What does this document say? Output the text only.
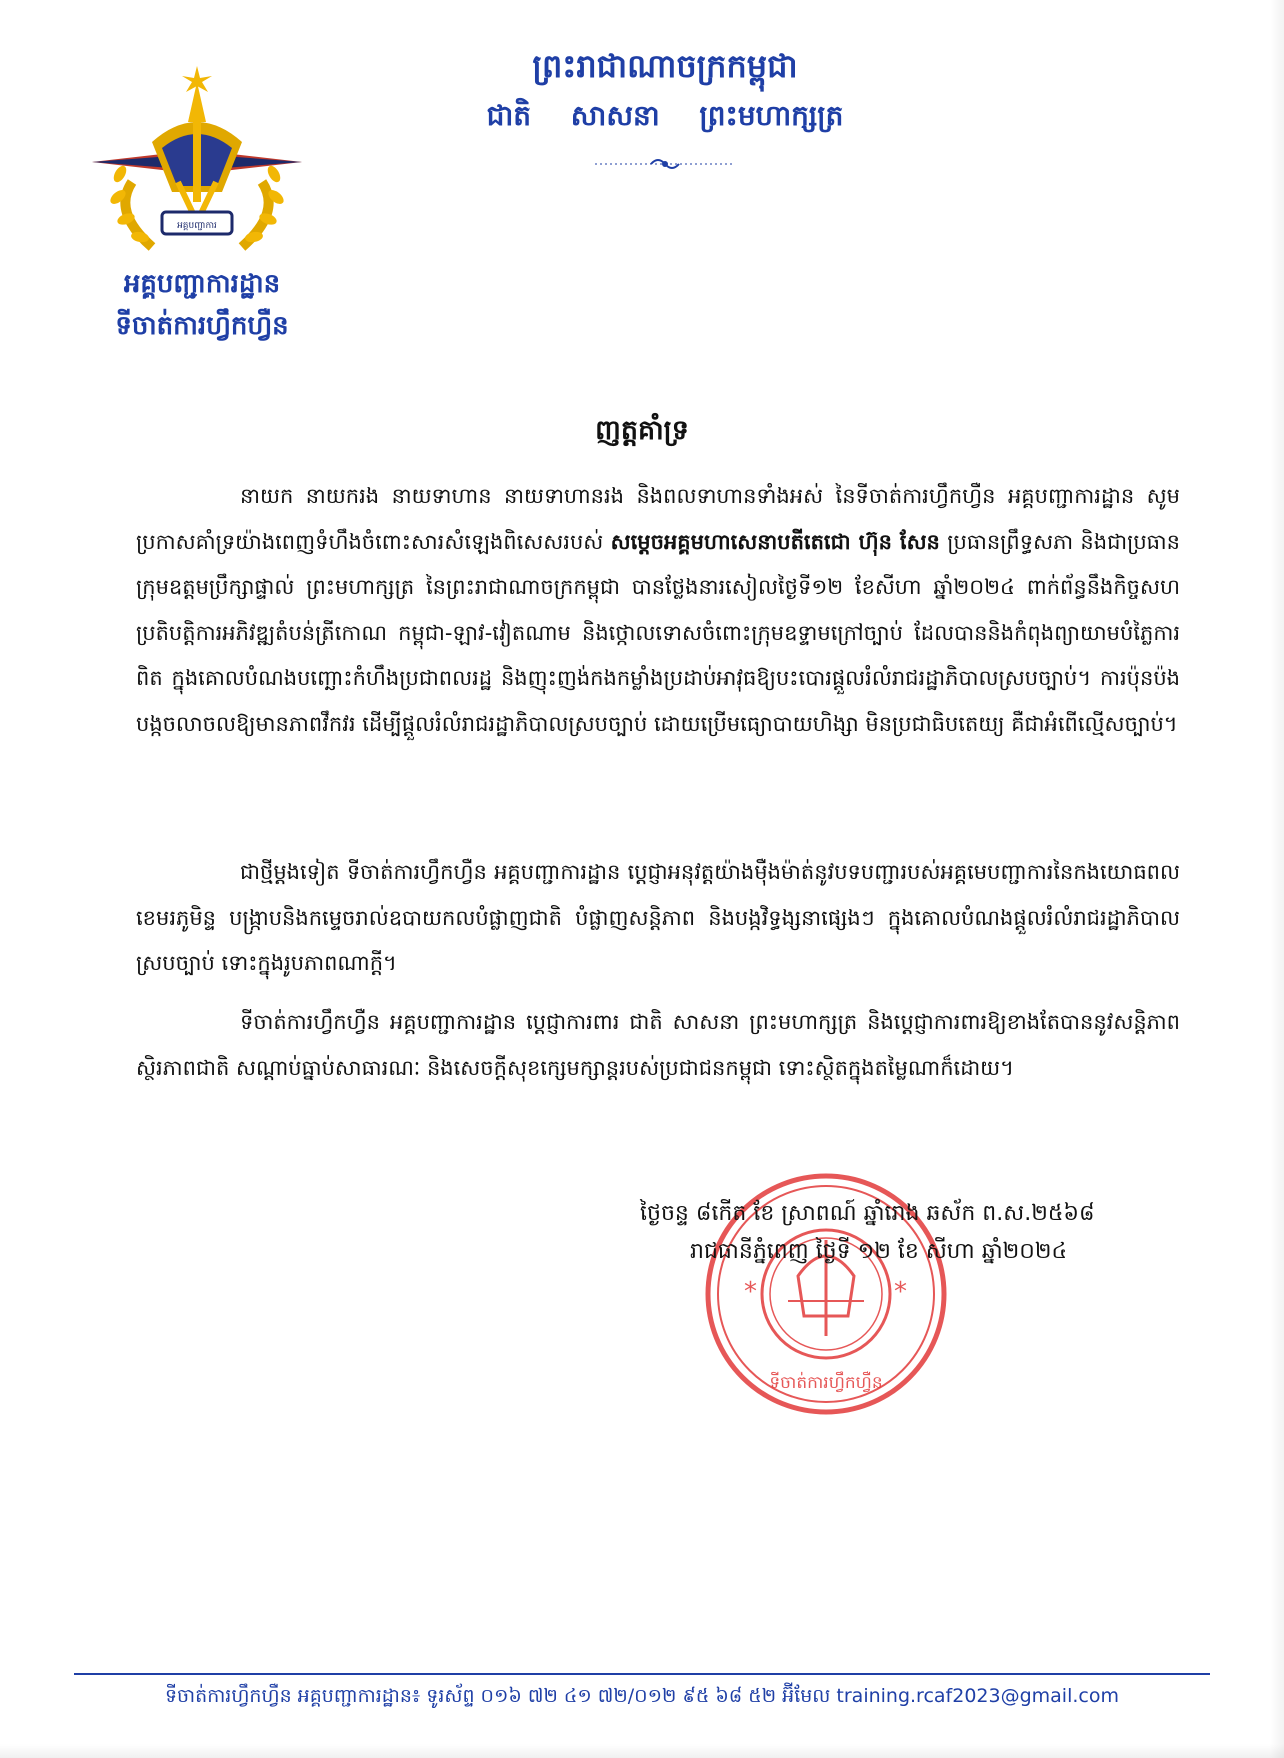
អគ្គបញ្ជាការ
អគ្គបញ្ជាការដ្ឋាន
ទីចាត់ការហ្វឹកហ្វឺន
ព្រះរាជាណាចក្រកម្ពុជា
ជាតិ សាសនា ព្រះមហាក្សត្រ
ញត្តគាំទ្រ
នាយក នាយករង នាយទាហាន នាយទាហានរង និងពលទាហានទាំងអស់ នៃទីចាត់ការហ្វឹកហ្វឺន អគ្គបញ្ជាការដ្ឋាន សូមប្រកាសគាំទ្រយ៉ាងពេញទំហឹងចំពោះសារសំឡេងពិសេសរបស់ សម្តេចអគ្គមហាសេនាបតីតេជោ ហ៊ុន សែន ប្រធានព្រឹទ្ធសភា និងជាប្រធានក្រុមឧត្តមប្រឹក្សាផ្ទាល់ ព្រះមហាក្សត្រ នៃព្រះរាជាណាចក្រកម្ពុជា បានថ្លែងនារសៀលថ្ងៃទី១២ ខែសីហា ឆ្នាំ២០២៤ ពាក់ព័ន្ធនឹងកិច្ចសហប្រតិបត្តិការអភិវឌ្ឍតំបន់ត្រីកោណ កម្ពុជា-ឡាវ-វៀតណាម និងថ្កោលទោសចំពោះក្រុមឧទ្ទាមក្រៅច្បាប់ ដែលបាននិងកំពុងព្យាយាមបំភ្លៃការពិត ក្នុងគោលបំណងបញ្ឆោះកំហឹងប្រជាពលរដ្ឋ និងញុះញង់កងកម្លាំងប្រដាប់អាវុធឱ្យបះបោរផ្តួលរំលំរាជរដ្ឋាភិបាលស្របច្បាប់។ ការប៉ុនប៉ងបង្កចលាចលឱ្យមានភាពវឹកវរ ដើម្បីផ្តួលរំលំរាជរដ្ឋាភិបាលស្របច្បាប់ ដោយប្រើមធ្យោបាយហិង្សា មិនប្រជាធិបតេយ្យ គឺជាអំពើល្មើសច្បាប់។
ជាថ្មីម្តងទៀត ទីចាត់ការហ្វឹកហ្វឺន អគ្គបញ្ជាការដ្ឋាន ប្តេជ្ញាអនុវត្តយ៉ាងម៉ឺងម៉ាត់នូវបទបញ្ជារបស់អគ្គមេបញ្ជាការនៃកងយោធពលខេមរភូមិន្ទ បង្ក្រាបនិងកម្ទេចរាល់ឧបាយកលបំផ្លាញជាតិ បំផ្លាញសន្តិភាព និងបង្កវិទ្ធង្សនាផ្សេងៗ ក្នុងគោលបំណងផ្តួលរំលំរាជរដ្ឋាភិបាលស្របច្បាប់ ទោះក្នុងរូបភាពណាក្តី។
ទីចាត់ការហ្វឹកហ្វឺន អគ្គបញ្ជាការដ្ឋាន ប្តេជ្ញាការពារ ជាតិ សាសនា ព្រះមហាក្សត្រ និងប្តេជ្ញាការពារឱ្យខាងតែបាននូវសន្តិភាព ស្ថិរភាពជាតិ សណ្តាប់ធ្នាប់សាធារណៈ និងសេចក្តីសុខក្សេមក្សាន្តរបស់ប្រជាជនកម្ពុជា ទោះស្ថិតក្នុងតម្លៃណាក៏ដោយ។
*	*
ទីចាត់ការហ្វឹកហ្វឺន
ថ្ងៃចន្ទ ៨កើត ខែ ស្រាពណ៍ ឆ្នាំរោង ឆស័ក ព.ស.២៥៦៨
រាជធានីភ្នំពេញ ថ្ងៃទី ១២ ខែ សីហា ឆ្នាំ២០២៤
ទីចាត់ការហ្វឹកហ្វឺន អគ្គបញ្ជាការដ្ឋាន៖ ទូរស័ព្ទ ០១៦ ៧២ ៤១ ៧២/០១២ ៩៥ ៦៨ ៥២ អ៊ីមែល training.rcaf2023@gmail.com
